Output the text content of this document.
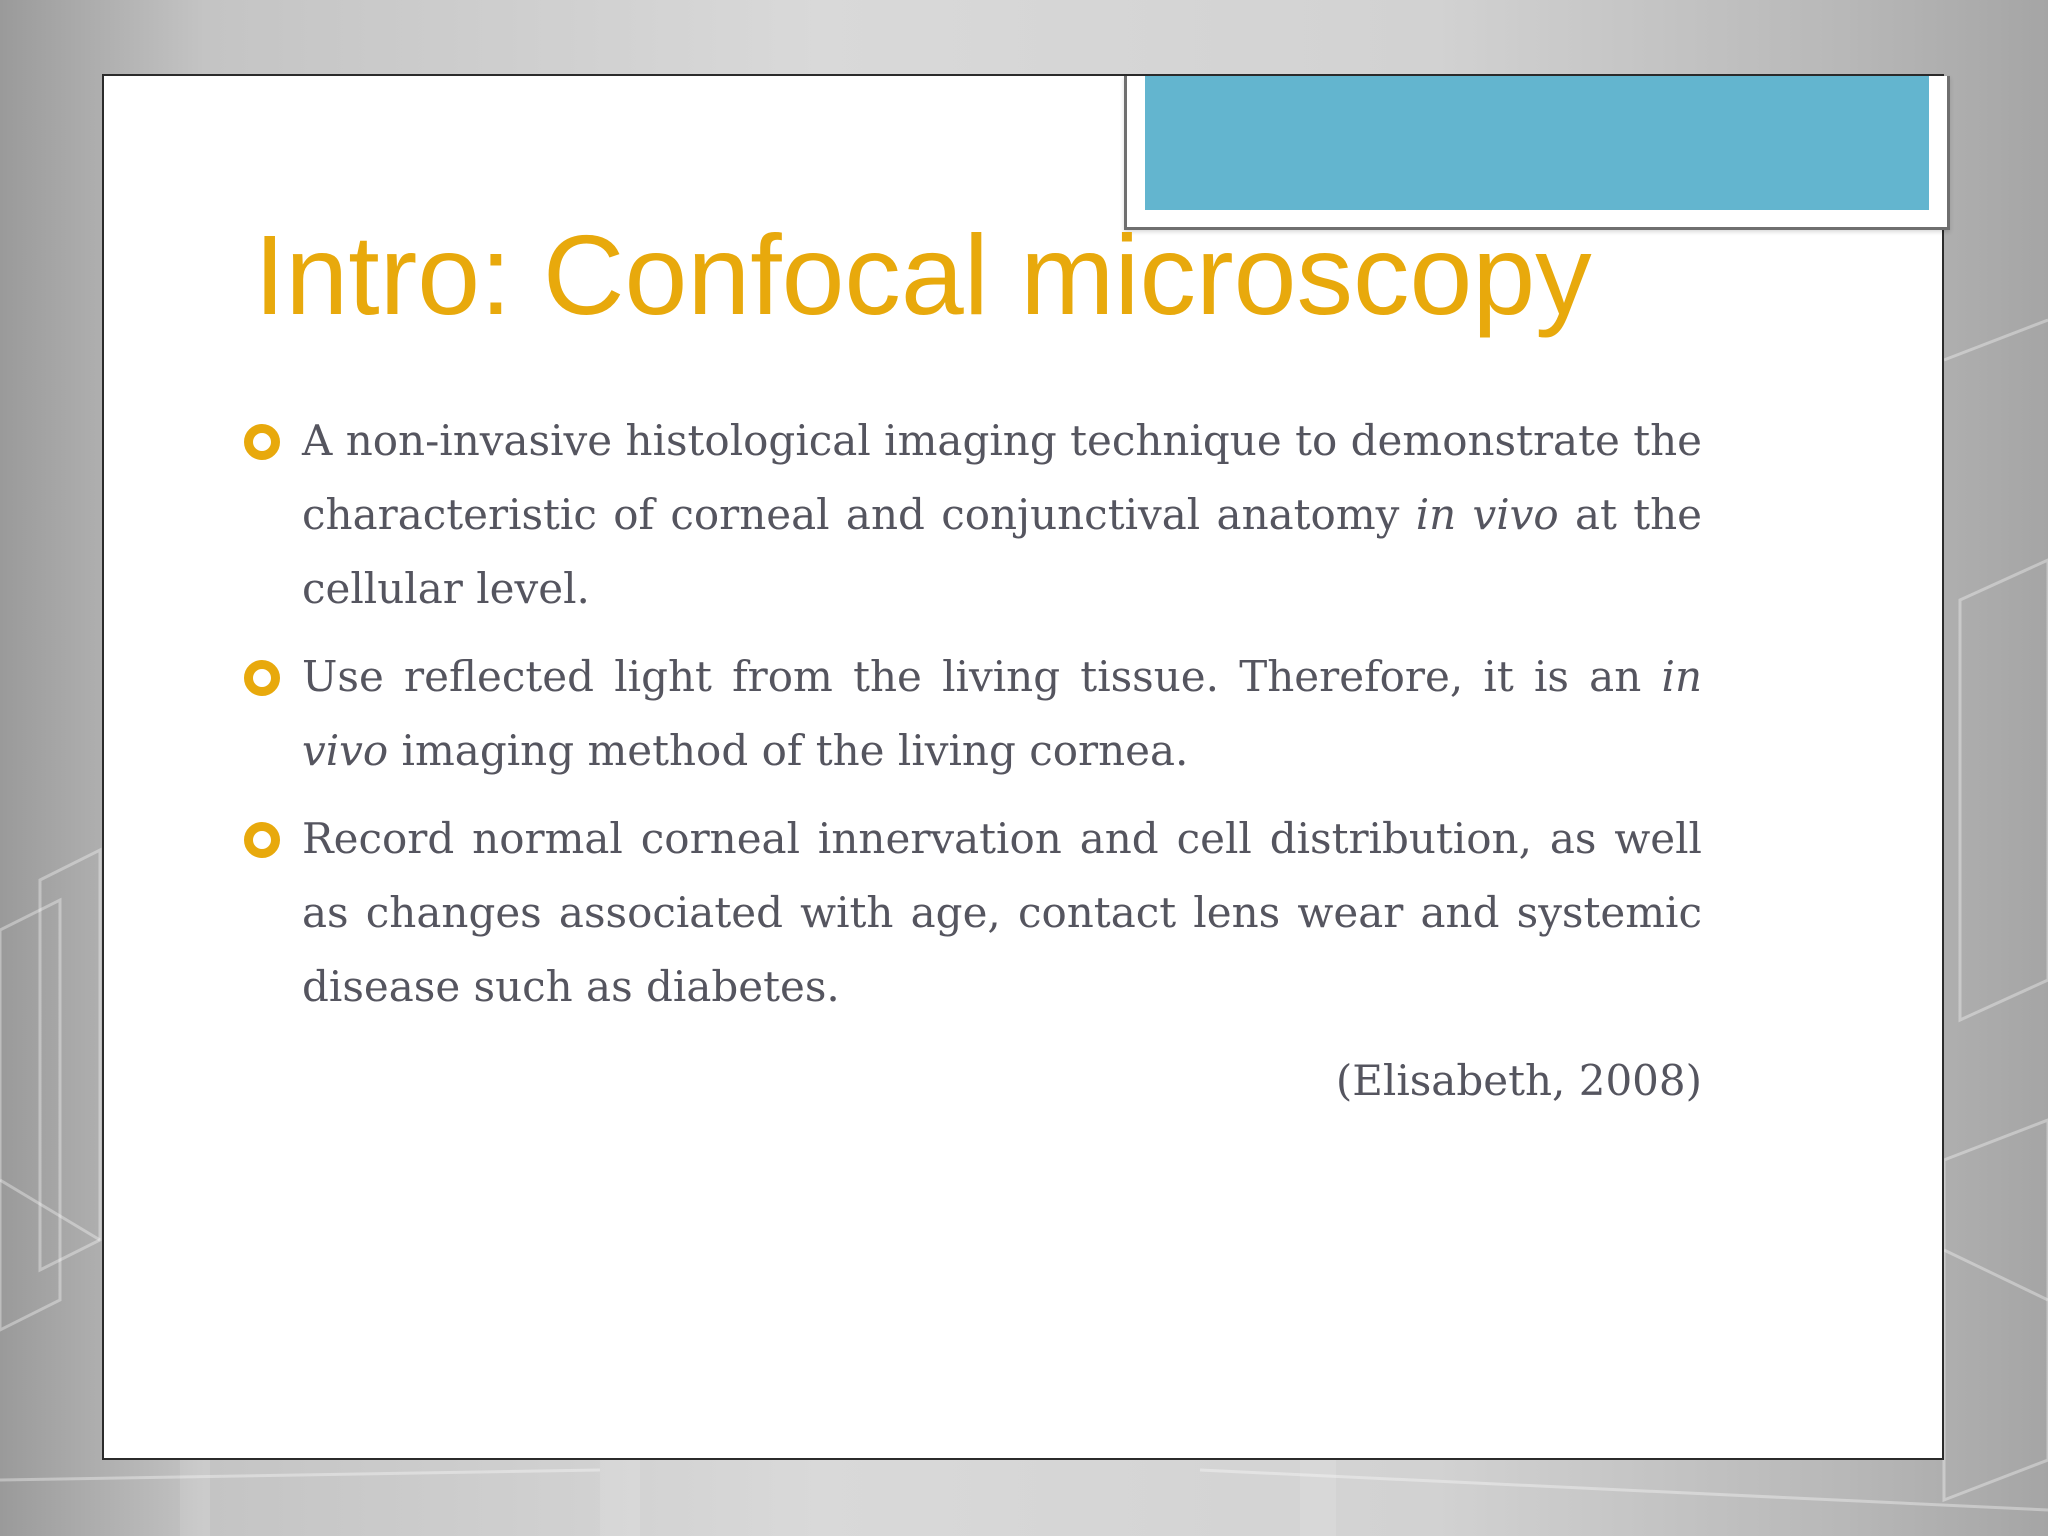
Intro: Confocal microscopy
A non-invasive histological imaging technique to demonstrate the characteristic of corneal and conjunctival anatomy in vivo at the cellular level.
Use reflected light from the living tissue. Therefore, it is an in vivo imaging method of the living cornea.
Record normal corneal innervation and cell distribution, as well as changes associated with age, contact lens wear and systemic disease such as diabetes.

(Elisabeth, 2008)
